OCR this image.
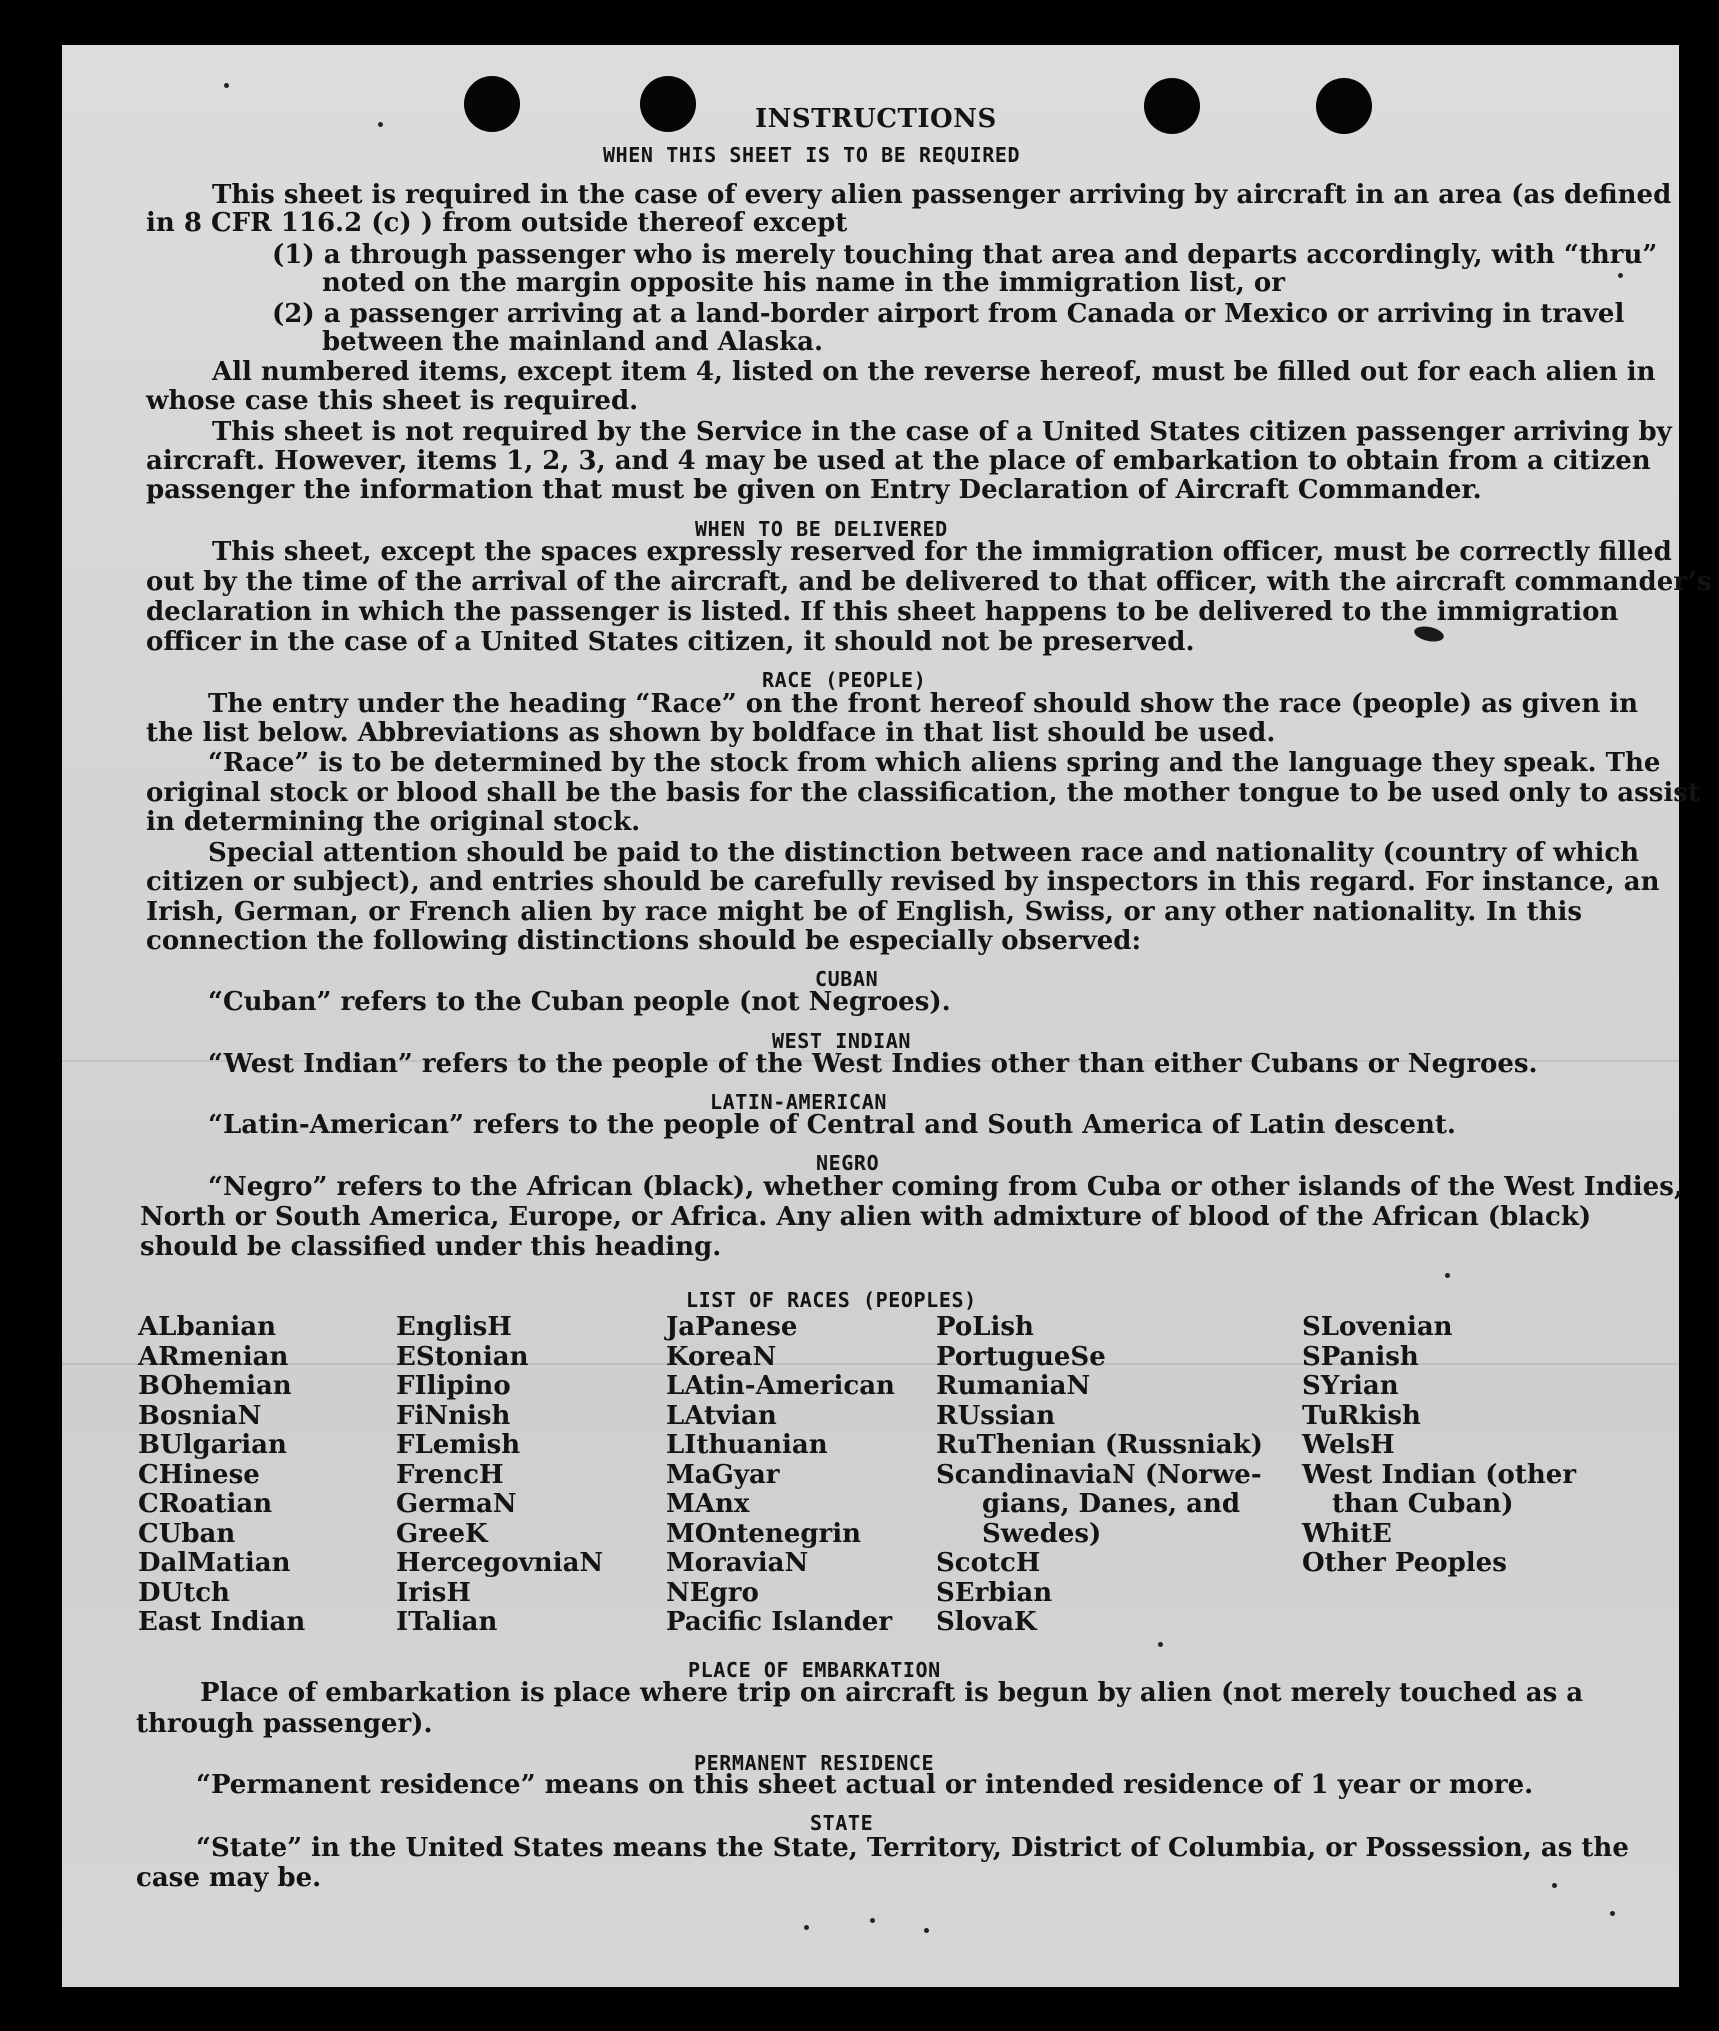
INSTRUCTIONS
WHEN THIS SHEET IS TO BE REQUIRED
This sheet is required in the case of every alien passenger arriving by aircraft in an area (as defined
in 8 CFR 116.2 (c) ) from outside thereof except
(1) a through passenger who is merely touching that area and departs accordingly, with “thru”
noted on the margin opposite his name in the immigration list, or
(2) a passenger arriving at a land-border airport from Canada or Mexico or arriving in travel
between the mainland and Alaska.
All numbered items, except item 4, listed on the reverse hereof, must be filled out for each alien in
whose case this sheet is required.
This sheet is not required by the Service in the case of a United States citizen passenger arriving by
aircraft. However, items 1, 2, 3, and 4 may be used at the place of embarkation to obtain from a citizen
passenger the information that must be given on Entry Declaration of Aircraft Commander.
WHEN TO BE DELIVERED
This sheet, except the spaces expressly reserved for the immigration officer, must be correctly filled
out by the time of the arrival of the aircraft, and be delivered to that officer, with the aircraft commander’s
declaration in which the passenger is listed. If this sheet happens to be delivered to the immigration
officer in the case of a United States citizen, it should not be preserved.
RACE (PEOPLE)
The entry under the heading “Race” on the front hereof should show the race (people) as given in
the list below. Abbreviations as shown by boldface in that list should be used.
“Race” is to be determined by the stock from which aliens spring and the language they speak. The
original stock or blood shall be the basis for the classification, the mother tongue to be used only to assist
in determining the original stock.
Special attention should be paid to the distinction between race and nationality (country of which
citizen or subject), and entries should be carefully revised by inspectors in this regard. For instance, an
Irish, German, or French alien by race might be of English, Swiss, or any other nationality. In this
connection the following distinctions should be especially observed:
CUBAN
“Cuban” refers to the Cuban people (not Negroes).
WEST INDIAN
“West Indian” refers to the people of the West Indies other than either Cubans or Negroes.
LATIN-AMERICAN
“Latin-American” refers to the people of Central and South America of Latin descent.
NEGRO
“Negro” refers to the African (black), whether coming from Cuba or other islands of the West Indies,
North or South America, Europe, or Africa. Any alien with admixture of blood of the African (black)
should be classified under this heading.
LIST OF RACES (PEOPLES)
ALbanian
ARmenian
BOhemian
BosniaN
BUlgarian
CHinese
CRoatian
CUban
DalMatian
DUtch
East Indian
EnglisH
EStonian
FIlipino
FiNnish
FLemish
FrencH
GermaN
GreeK
HercegovniaN
IrisH
ITalian
JaPanese
KoreaN
LAtin-American
LAtvian
LIthuanian
MaGyar
MAnx
MOntenegrin
MoraviaN
NEgro
Pacific Islander
PoLish
PortugueSe
RumaniaN
RUssian
RuThenian (Russniak)
ScandinaviaN (Norwe-
gians, Danes, and
Swedes)
ScotcH
SErbian
SlovaK
SLovenian
SPanish
SYrian
TuRkish
WelsH
West Indian (other
than Cuban)
WhitE
Other Peoples
PLACE OF EMBARKATION
Place of embarkation is place where trip on aircraft is begun by alien (not merely touched as a
through passenger).
PERMANENT RESIDENCE
“Permanent residence” means on this sheet actual or intended residence of 1 year or more.
STATE
“State” in the United States means the State, Territory, District of Columbia, or Possession, as the
case may be.
